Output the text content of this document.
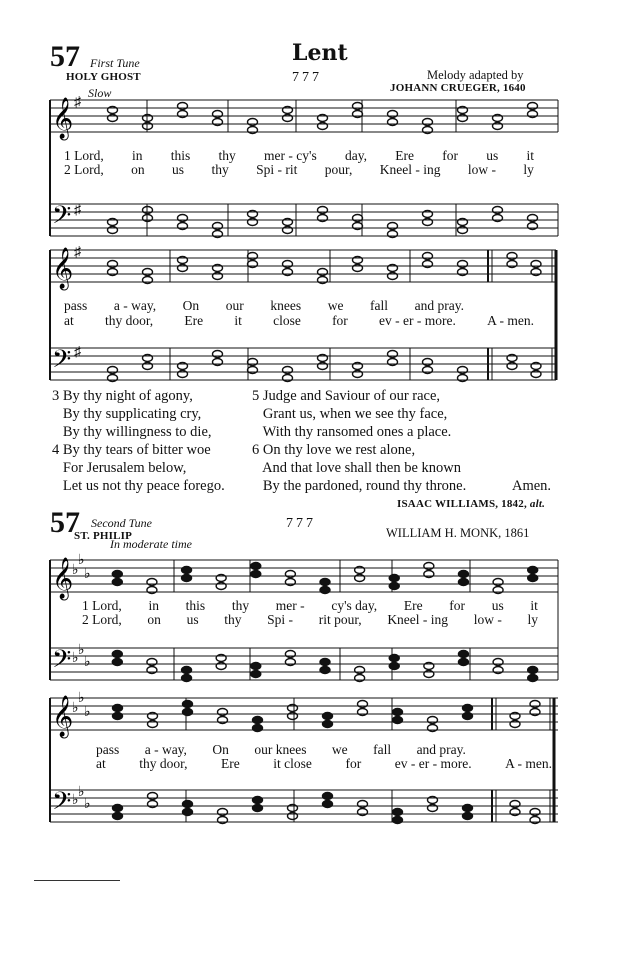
57 First Tune	Lent
HOLY GHOST	777	Melody adapted by
JOHANN CRUEGER, 1640
Slow
𝄞
𝄢
𝄞
𝄢
𝄞
𝄢
𝄞
𝄢
♯
♯
♯
♯
♭
♭
♭
♭
♭
♭
♭
♭
♭
♭
♭
♭
1 Lord, in this thy mer - cy's day, Ere for us it
2 Lord, on us thy Spi - rit pour, Kneel - ing low - ly
pass a - way, On our knees we fall and pray.
at thy door, Ere it close for ev - er - more. A - men.
3 By thy night of agony,
By thy supplicating cry,
By thy willingness to die,
4 By thy tears of bitter woe
For Jerusalem below,
Let us not thy peace forego.
5 Judge and Saviour of our race,
Grant us, when we see thy face,
With thy ransomed ones a place.
6 On thy love we rest alone,
And that love shall then be known
By the pardoned, round thy throne.	Amen.
ISAAC WILLIAMS, 1842, alt.
57 Second Tune	777
ST. PHILIP	WILLIAM H. MONK, 1861
In moderate time
1 Lord, in this thy mer - cy's day, Ere for us it
2 Lord, on us thy Spi - rit pour, Kneel - ing low - ly
pass a - way, On our knees we fall and pray.
at thy door, Ere it close for ev - er - more. A - men.
